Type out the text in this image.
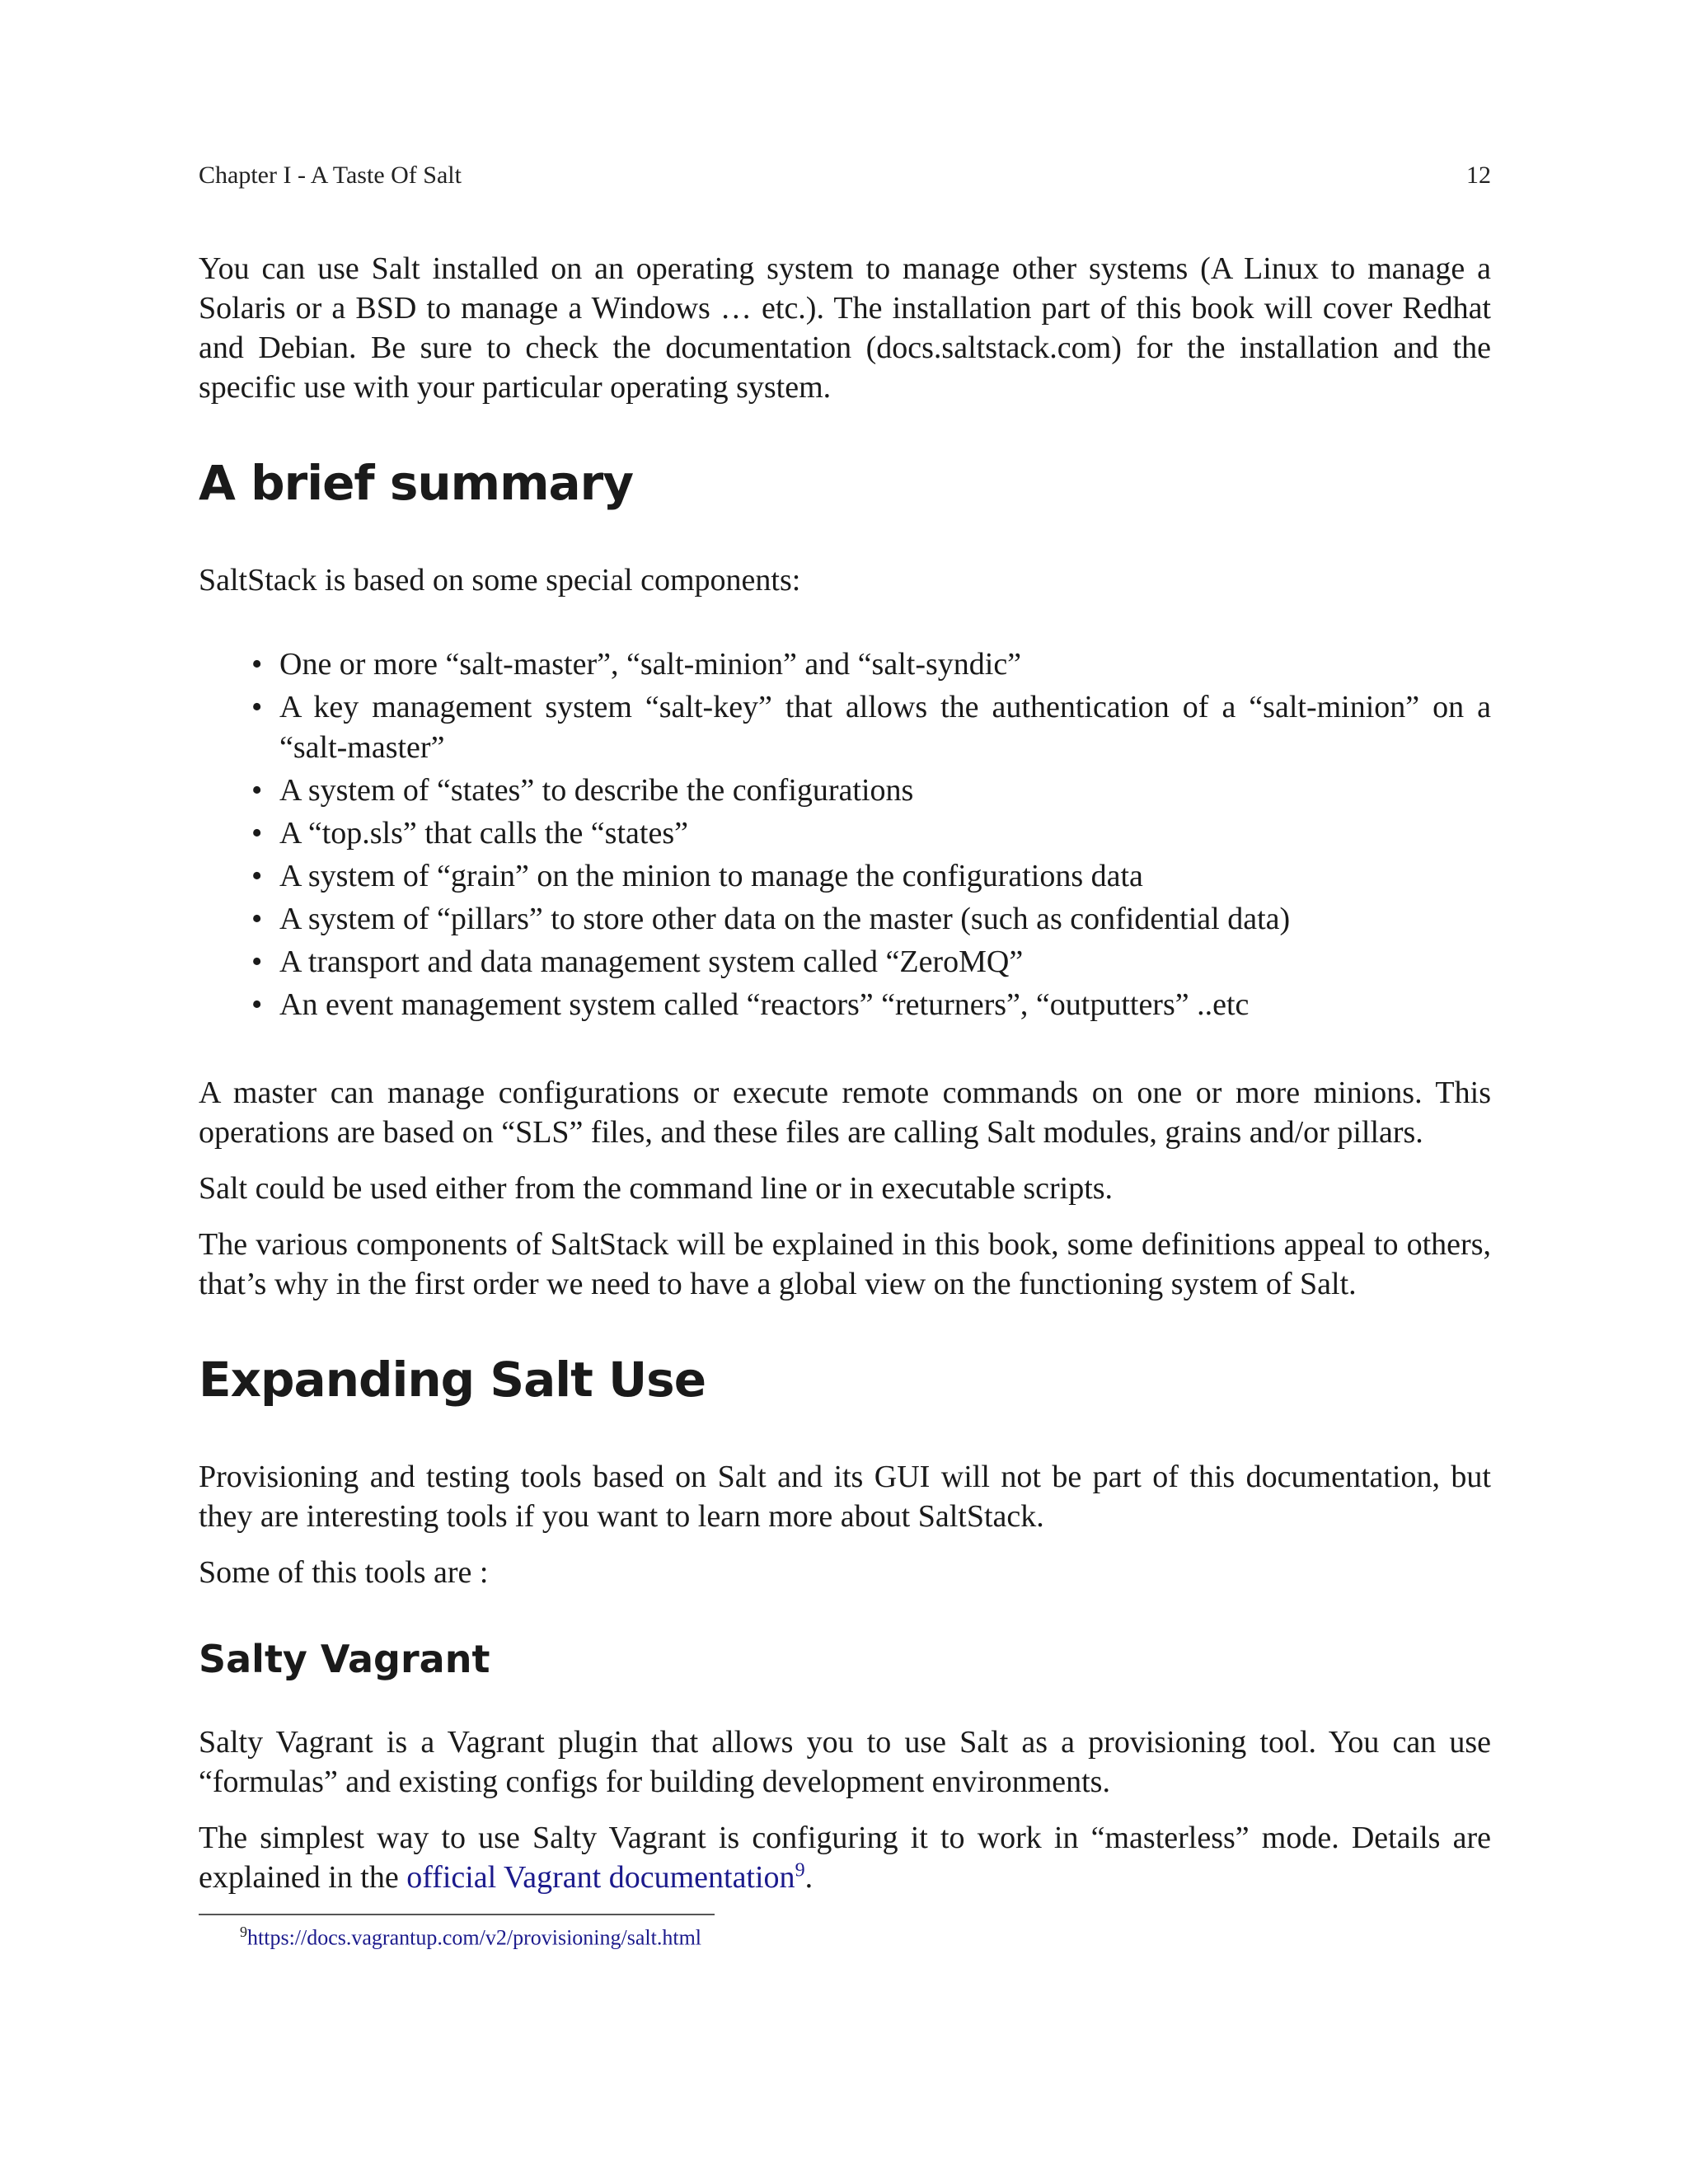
Chapter I - A Taste Of Salt	12

You can use Salt installed on an operating system to manage other systems (A Linux to manage a Solaris or a BSD to manage a Windows … etc.). The installation part of this book will cover Redhat and Debian. Be sure to check the documentation (docs.saltstack.com) for the installation and the specific use with your particular operating system.

A brief summary

SaltStack is based on some special components:

• One or more “salt-master”, “salt-minion” and “salt-syndic”
• A key management system “salt-key” that allows the authentication of a “salt-minion” on a “salt-master”
• A system of “states” to describe the configurations
• A “top.sls” that calls the “states”
• A system of “grain” on the minion to manage the configurations data
• A system of “pillars” to store other data on the master (such as confidential data)
• A transport and data management system called “ZeroMQ”
• An event management system called “reactors” “returners”, “outputters” ..etc

A master can manage configurations or execute remote commands on one or more minions. This operations are based on “SLS” files, and these files are calling Salt modules, grains and/or pillars.

Salt could be used either from the command line or in executable scripts.

The various components of SaltStack will be explained in this book, some definitions appeal to others, that’s why in the first order we need to have a global view on the functioning system of Salt.

Expanding Salt Use

Provisioning and testing tools based on Salt and its GUI will not be part of this documentation, but they are interesting tools if you want to learn more about SaltStack.

Some of this tools are :

Salty Vagrant

Salty Vagrant is a Vagrant plugin that allows you to use Salt as a provisioning tool. You can use “formulas” and existing configs for building development environments.

The simplest way to use Salty Vagrant is configuring it to work in “masterless” mode. Details are explained in the official Vagrant documentation$^9$.

$^9$https://docs.vagrantup.com/v2/provisioning/salt.html
